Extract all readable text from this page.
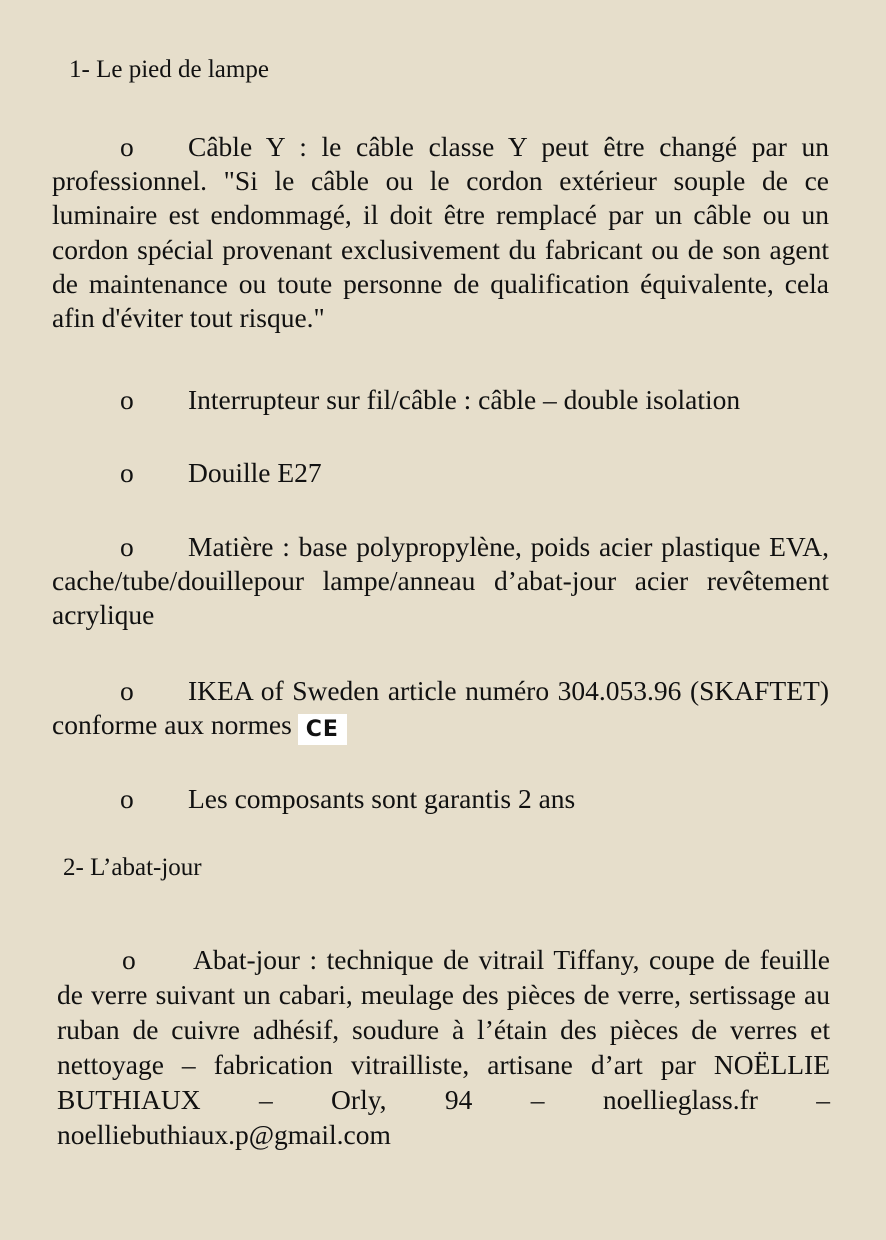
1- Le pied de lampe
o Câble Y : le câble classe Y peut être changé par un professionnel. "Si le câble ou le cordon extérieur souple de ce luminaire est endommagé, il doit être remplacé par un câble ou un cordon spécial provenant exclusivement du fabricant ou de son agent de maintenance ou toute personne de qualification équivalente, cela afin d'éviter tout risque."
o Interrupteur sur fil/câble : câble – double isolation
o Douille E27
o Matière : base polypropylène, poids acier plastique EVA, cache/tube/douillepour lampe/anneau d’abat-jour acier revêtement acrylique
o IKEA of Sweden article numéro 304.053.96 (SKAFTET) conforme aux normes CE
o Les composants sont garantis 2 ans
2- L’abat-jour
o Abat-jour : technique de vitrail Tiffany, coupe de feuille de verre suivant un cabari, meulage des pièces de verre, sertissage au ruban de cuivre adhésif, soudure à l’étain des pièces de verres et nettoyage – fabrication vitrailliste, artisane d’art par NOËLLIE BUTHIAUX – Orly, 94 – noellieglass.fr – noelliebuthiaux.p@gmail.com
